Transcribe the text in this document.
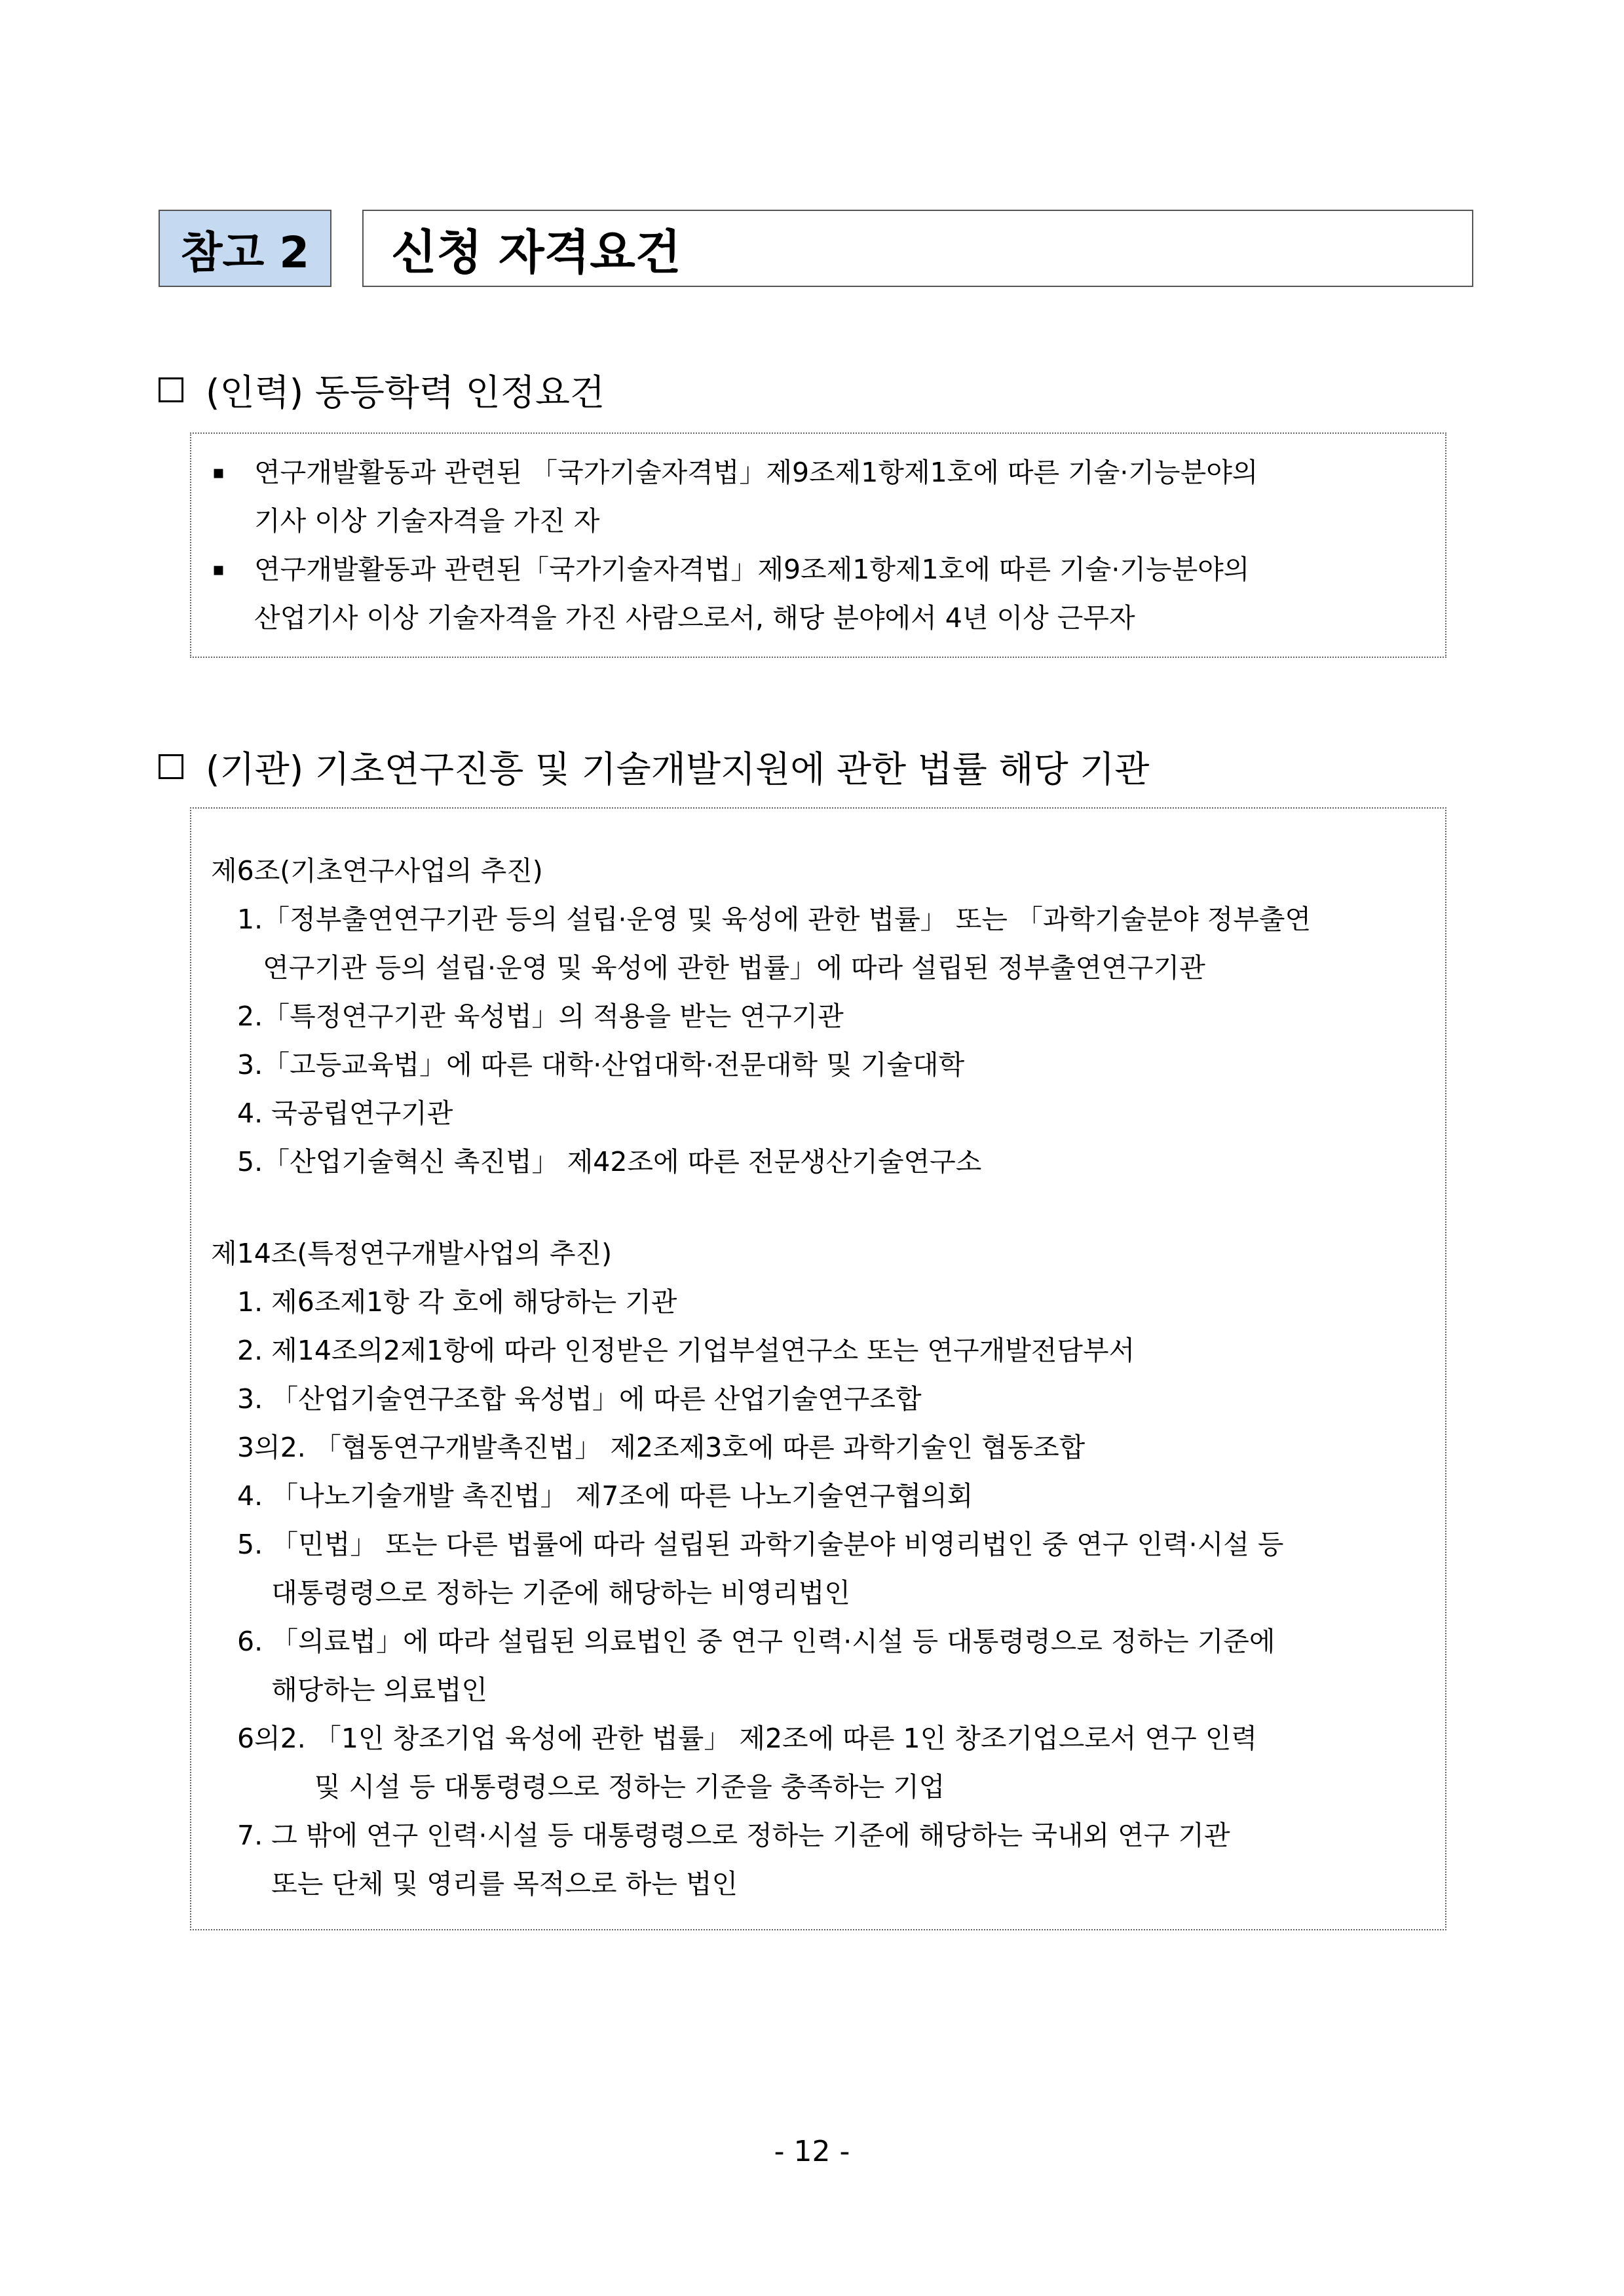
참고 2 신청 자격요건
(인력) 동등학력 인정요건
▪ 연구개발활동과 관련된 「국가기술자격법」제9조제1항제1호에 따른 기술·기능분야의
기사 이상 기술자격을 가진 자
▪ 연구개발활동과 관련된「국가기술자격법」제9조제1항제1호에 따른 기술·기능분야의
산업기사 이상 기술자격을 가진 사람으로서, 해당 분야에서 4년 이상 근무자
(기관) 기초연구진흥 및 기술개발지원에 관한 법률 해당 기관
제6조(기초연구사업의 추진)
1. 「정부출연연구기관 등의 설립·운영 및 육성에 관한 법률」 또는 「과학기술분야 정부출연
연구기관 등의 설립·운영 및 육성에 관한 법률」에 따라 설립된 정부출연연구기관
2. 「특정연구기관 육성법」의 적용을 받는 연구기관
3. 「고등교육법」에 따른 대학·산업대학·전문대학 및 기술대학
4. 국공립연구기관
5. 「산업기술혁신 촉진법」 제42조에 따른 전문생산기술연구소
제14조(특정연구개발사업의 추진)
1. 제6조제1항 각 호에 해당하는 기관
2. 제14조의2제1항에 따라 인정받은 기업부설연구소 또는 연구개발전담부서
3. 「산업기술연구조합 육성법」에 따른 산업기술연구조합
3의2. 「협동연구개발촉진법」 제2조제3호에 따른 과학기술인 협동조합
4. 「나노기술개발 촉진법」 제7조에 따른 나노기술연구협의회
5. 「민법」 또는 다른 법률에 따라 설립된 과학기술분야 비영리법인 중 연구 인력·시설 등
대통령령으로 정하는 기준에 해당하는 비영리법인
6. 「의료법」에 따라 설립된 의료법인 중 연구 인력·시설 등 대통령령으로 정하는 기준에
해당하는 의료법인
6의2. 「1인 창조기업 육성에 관한 법률」 제2조에 따른 1인 창조기업으로서 연구 인력
및 시설 등 대통령령으로 정하는 기준을 충족하는 기업
7. 그 밖에 연구 인력·시설 등 대통령령으로 정하는 기준에 해당하는 국내외 연구 기관
또는 단체 및 영리를 목적으로 하는 법인
- 12 -
